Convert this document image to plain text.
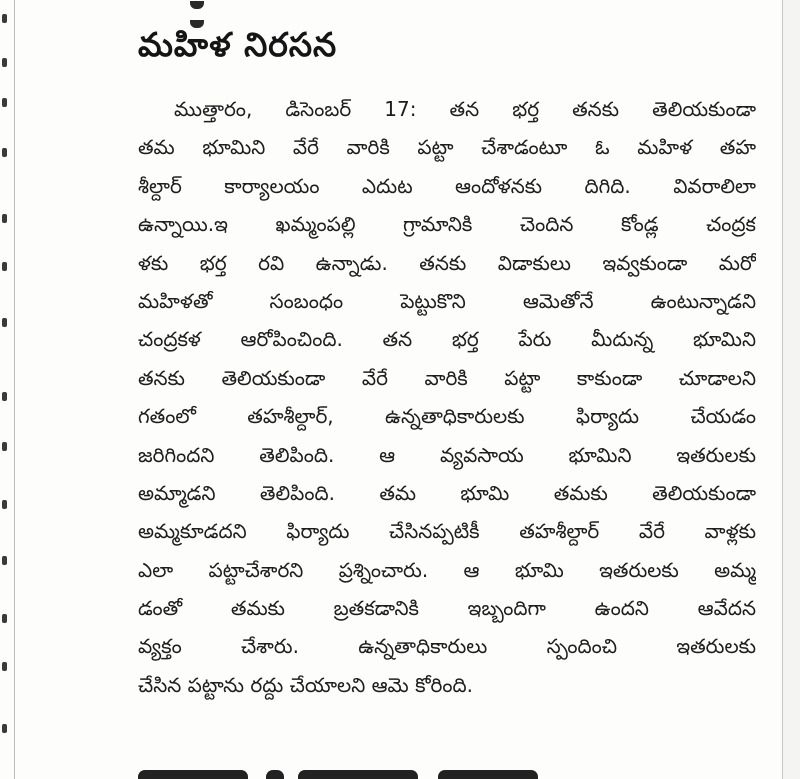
మహిళ నిరసన
ముత్తారం, డిసెంబర్ 17: తన భర్త తనకు తెలియకుండా
తమ భూమిని వేరే వారికి పట్టా చేశాడంటూ ఓ మహిళ తహ
శీల్దార్ కార్యాలయం ఎదుట ఆందోళనకు దిగిది. వివరాలిలా
ఉన్నాయి.ఇ ఖమ్మంపల్లి గ్రామానికి చెందిన కోండ్ల చంద్రక
ళకు భర్త రవి ఉన్నాడు. తనకు విడాకులు ఇవ్వకుండా మరో
మహిళతో సంబంధం పెట్టుకొని ఆమెతోనే ఉంటున్నాడని
చంద్రకళ ఆరోపించింది. తన భర్త పేరు మీదున్న భూమిని
తనకు తెలియకుండా వేరే వారికి పట్టా కాకుండా చూడాలని
గతంలో తహశీల్దార్, ఉన్నతాధికారులకు ఫిర్యాదు చేయడం
జరిగిందని తెలిపింది. ఆ వ్యవసాయ భూమిని ఇతరులకు
అమ్మాడని తెలిపింది. తమ భూమి తమకు తెలియకుండా
అమ్మకూడదని ఫిర్యాదు చేసినప్పటికీ తహశీల్దార్ వేరే వాళ్లకు
ఎలా పట్టాచేశారని ప్రశ్నించారు. ఆ భూమి ఇతరులకు అమ్మ
డంతో తమకు బ్రతకడానికి ఇబ్బందిగా ఉందని ఆవేదన
వ్యక్తం చేశారు. ఉన్నతాధికారులు స్పందించి ఇతరులకు
చేసిన పట్టాను రద్దు చేయాలని ఆమె కోరింది.
